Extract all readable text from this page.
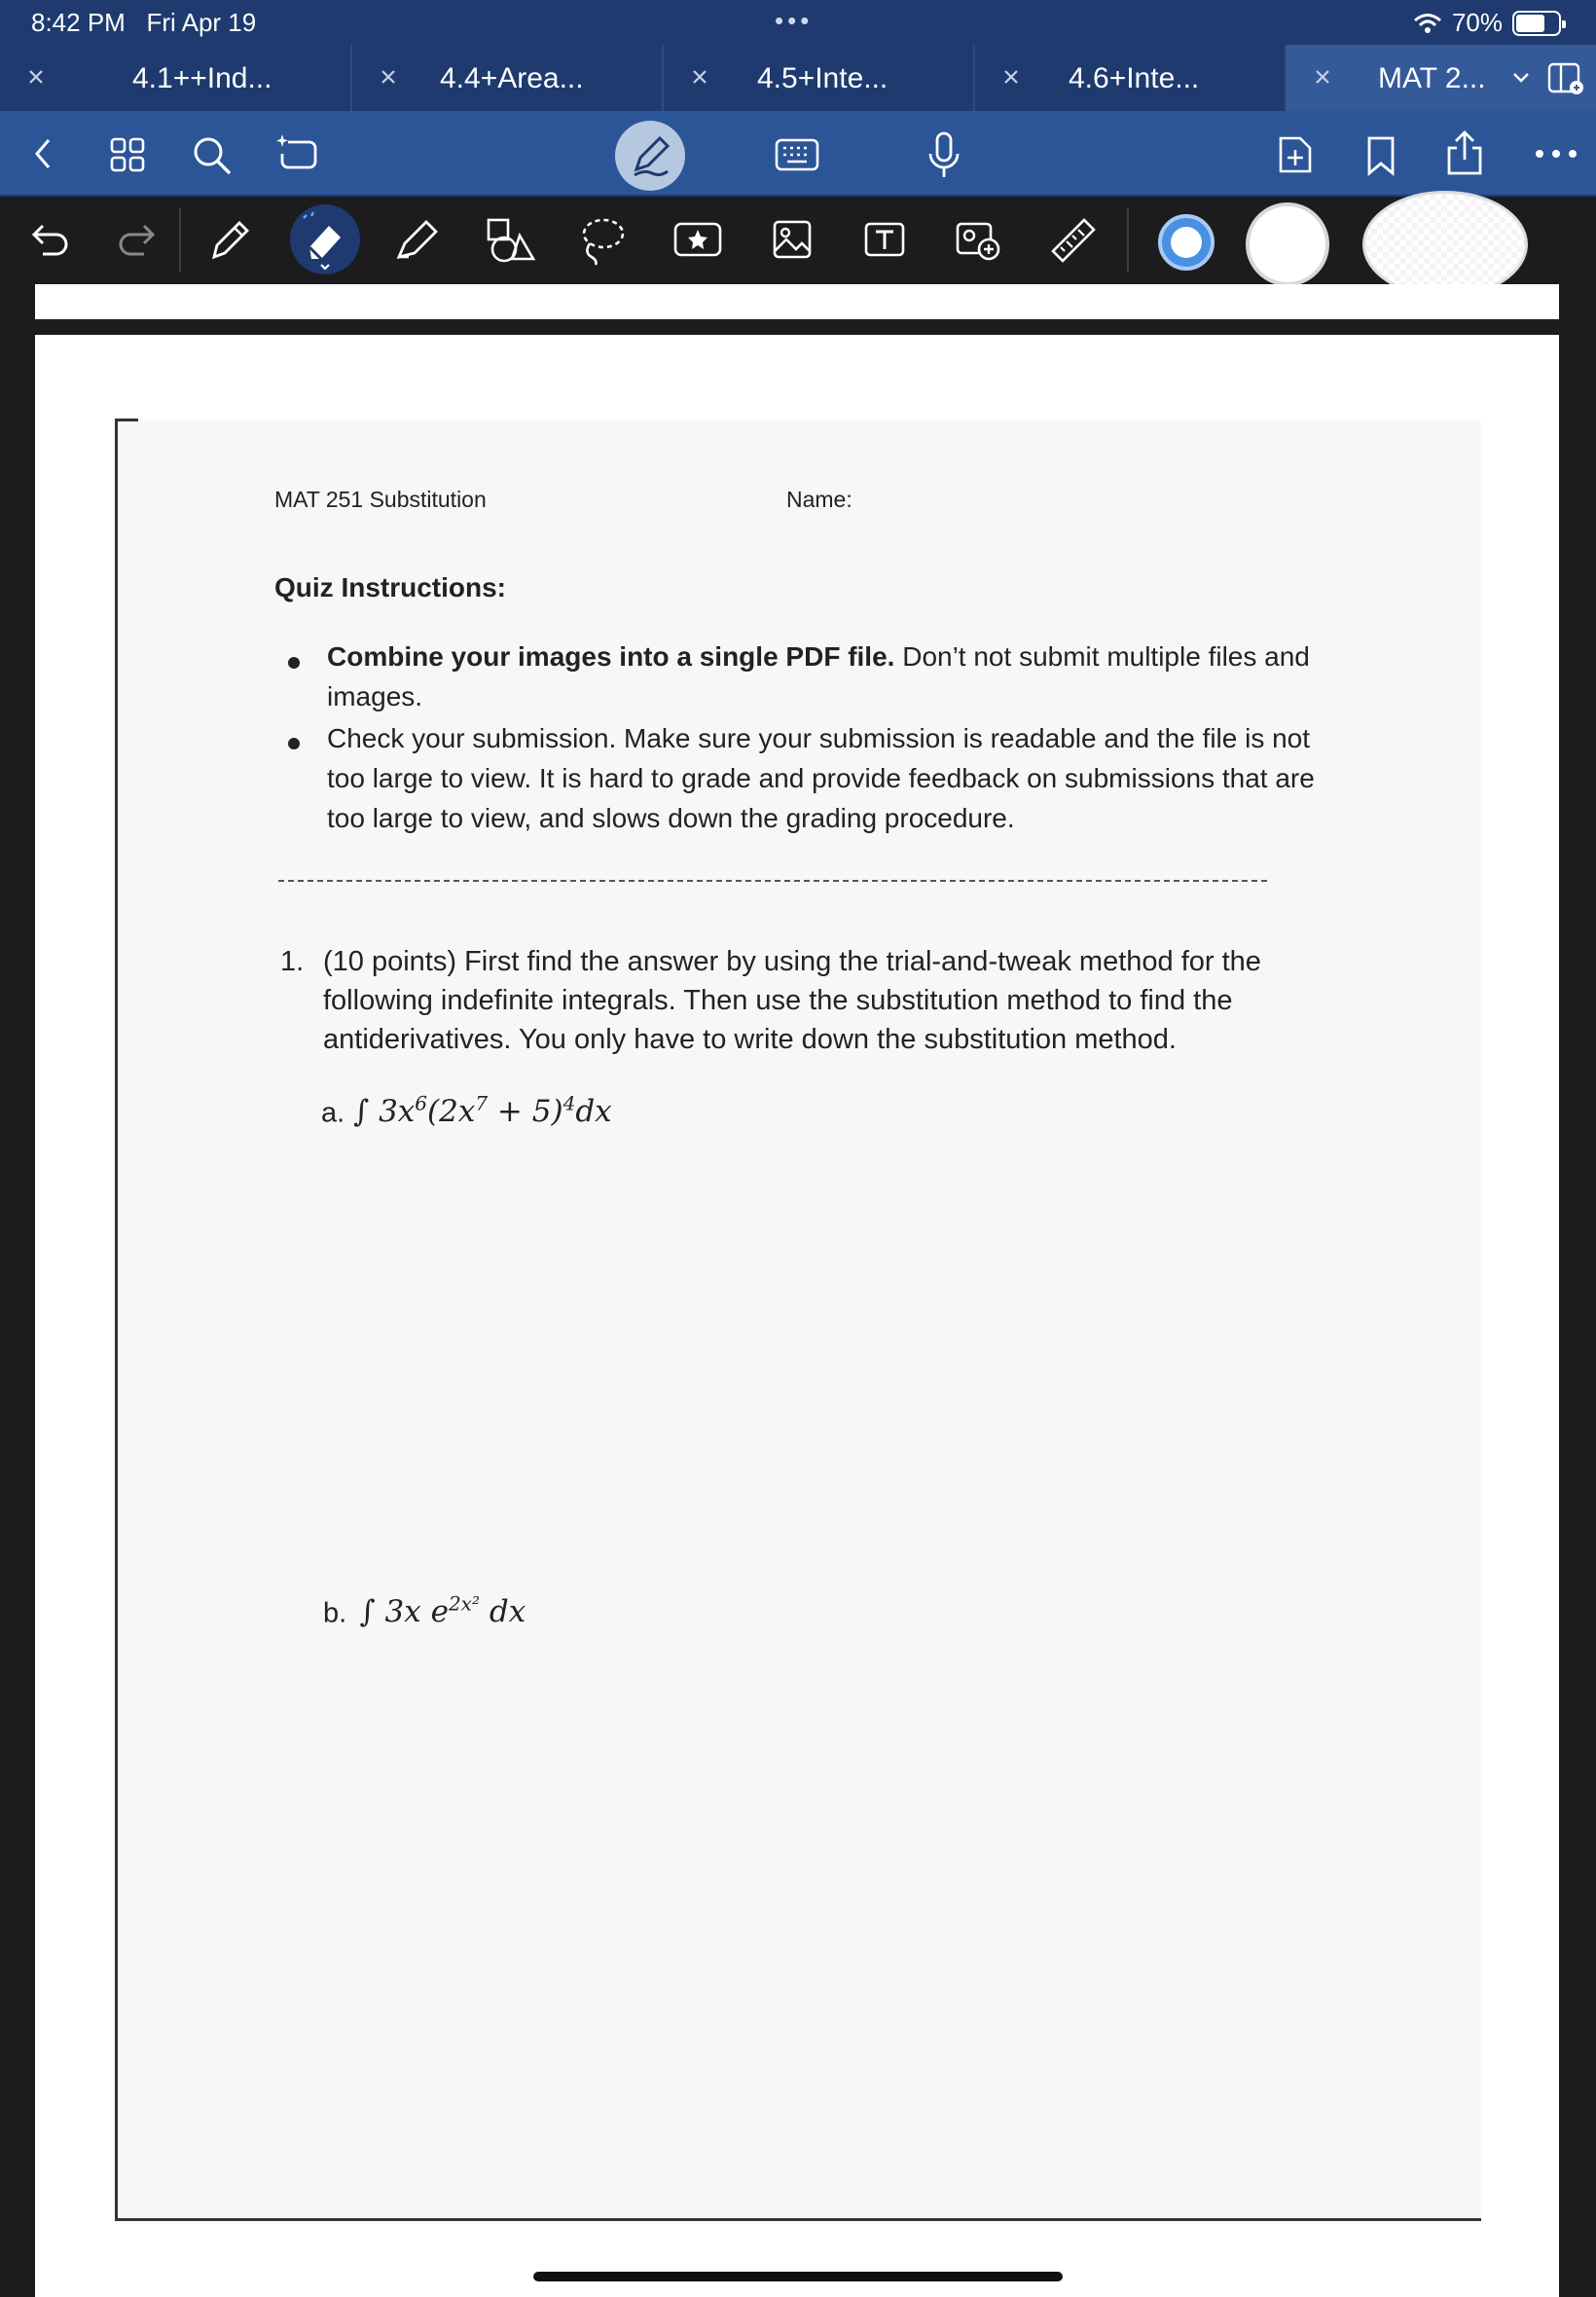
8:42 PM Fri Apr 19	•••	70%
4.1++Ind...	4.4+Area...	4.5+Inte...	4.6+Inte...	MAT 2...
MAT 251 Substitution	Name:
Quiz Instructions:
Combine your images into a single PDF file. Don’t not submit multiple files and images.
Check your submission. Make sure your submission is readable and the file is not too large to view. It is hard to grade and provide feedback on submissions that are too large to view, and slows down the grading procedure.
1. (10 points) First find the answer by using the trial-and-tweak method for the following indefinite integrals. Then use the substitution method to find the antiderivatives. You only have to write down the substitution method.
a. ∫ $3x^6(2x^7 + 5)^4dx$
b. ∫ 3x $e^{2x^2}$ dx
